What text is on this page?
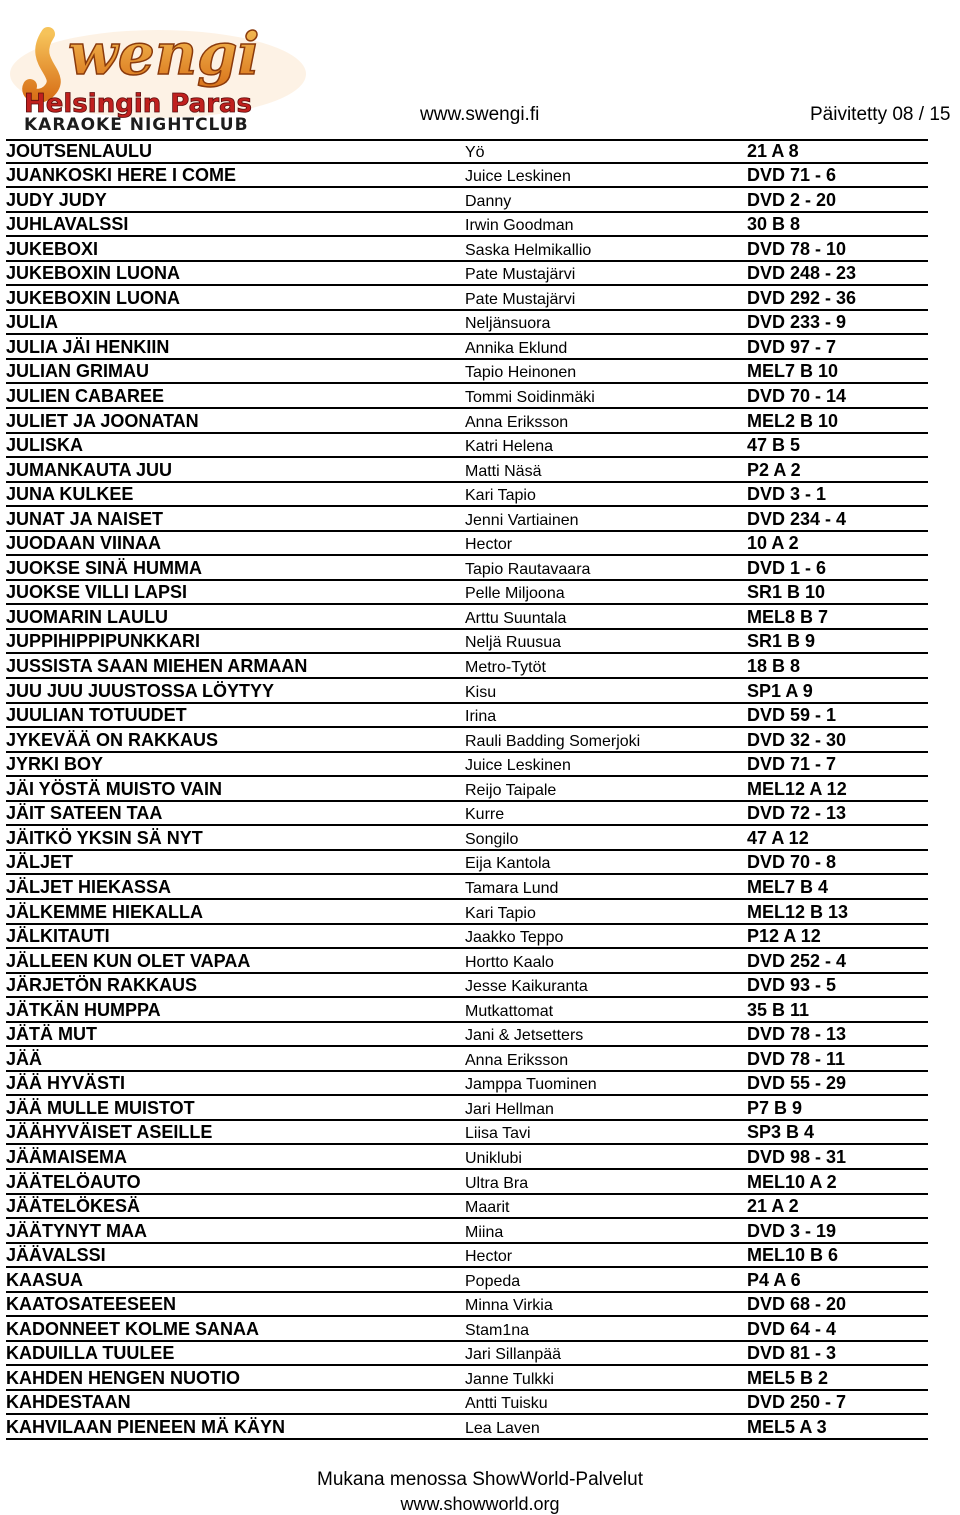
wengi
Helsingin Paras
KARAOKE NIGHTCLUB	www.swengi.fi	Päivitetty 08 / 15
JOUTSENLAULU	Yö	21 A 8
JUANKOSKI HERE I COME	Juice Leskinen	DVD 71 - 6
JUDY JUDY	Danny	DVD 2 - 20
JUHLAVALSSI	Irwin Goodman	30 B 8
JUKEBOXI	Saska Helmikallio	DVD 78 - 10
JUKEBOXIN LUONA	Pate Mustajärvi	DVD 248 - 23
JUKEBOXIN LUONA	Pate Mustajärvi	DVD 292 - 36
JULIA	Neljänsuora	DVD 233 - 9
JULIA JÄI HENKIIN	Annika Eklund	DVD 97 - 7
JULIAN GRIMAU	Tapio Heinonen	MEL7 B 10
JULIEN CABAREE	Tommi Soidinmäki	DVD 70 - 14
JULIET JA JOONATAN	Anna Eriksson	MEL2 B 10
JULISKA	Katri Helena	47 B 5
JUMANKAUTA JUU	Matti Näsä	P2 A 2
JUNA KULKEE	Kari Tapio	DVD 3 - 1
JUNAT JA NAISET	Jenni Vartiainen	DVD 234 - 4
JUODAAN VIINAA	Hector	10 A 2
JUOKSE SINÄ HUMMA	Tapio Rautavaara	DVD 1 - 6
JUOKSE VILLI LAPSI	Pelle Miljoona	SR1 B 10
JUOMARIN LAULU	Arttu Suuntala	MEL8 B 7
JUPPIHIPPIPUNKKARI	Neljä Ruusua	SR1 B 9
JUSSISTA SAAN MIEHEN ARMAAN	Metro-Tytöt	18 B 8
JUU JUU JUUSTOSSA LÖYTYY	Kisu	SP1 A 9
JUULIAN TOTUUDET	Irina	DVD 59 - 1
JYKEVÄÄ ON RAKKAUS	Rauli Badding Somerjoki	DVD 32 - 30
JYRKI BOY	Juice Leskinen	DVD 71 - 7
JÄI YÖSTÄ MUISTO VAIN	Reijo Taipale	MEL12 A 12
JÄIT SATEEN TAA	Kurre	DVD 72 - 13
JÄITKÖ YKSIN SÄ NYT	Songilo	47 A 12
JÄLJET	Eija Kantola	DVD 70 - 8
JÄLJET HIEKASSA	Tamara Lund	MEL7 B 4
JÄLKEMME HIEKALLA	Kari Tapio	MEL12 B 13
JÄLKITAUTI	Jaakko Teppo	P12 A 12
JÄLLEEN KUN OLET VAPAA	Hortto Kaalo	DVD 252 - 4
JÄRJETÖN RAKKAUS	Jesse Kaikuranta	DVD 93 - 5
JÄTKÄN HUMPPA	Mutkattomat	35 B 11
JÄTÄ MUT	Jani & Jetsetters	DVD 78 - 13
JÄÄ	Anna Eriksson	DVD 78 - 11
JÄÄ HYVÄSTI	Jamppa Tuominen	DVD 55 - 29
JÄÄ MULLE MUISTOT	Jari Hellman	P7 B 9
JÄÄHYVÄISET ASEILLE	Liisa Tavi	SP3 B 4
JÄÄMAISEMA	Uniklubi	DVD 98 - 31
JÄÄTELÖAUTO	Ultra Bra	MEL10 A 2
JÄÄTELÖKESÄ	Maarit	21 A 2
JÄÄTYNYT MAA	Miina	DVD 3 - 19
JÄÄVALSSI	Hector	MEL10 B 6
KAASUA	Popeda	P4 A 6
KAATOSATEESEEN	Minna Virkia	DVD 68 - 20
KADONNEET KOLME SANAA	Stam1na	DVD 64 - 4
KADUILLA TUULEE	Jari Sillanpää	DVD 81 - 3
KAHDEN HENGEN NUOTIO	Janne Tulkki	MEL5 B 2
KAHDESTAAN	Antti Tuisku	DVD 250 - 7
KAHVILAAN PIENEEN MÄ KÄYN	Lea Laven	MEL5 A 3
Mukana menossa ShowWorld-Palvelut
www.showworld.org
